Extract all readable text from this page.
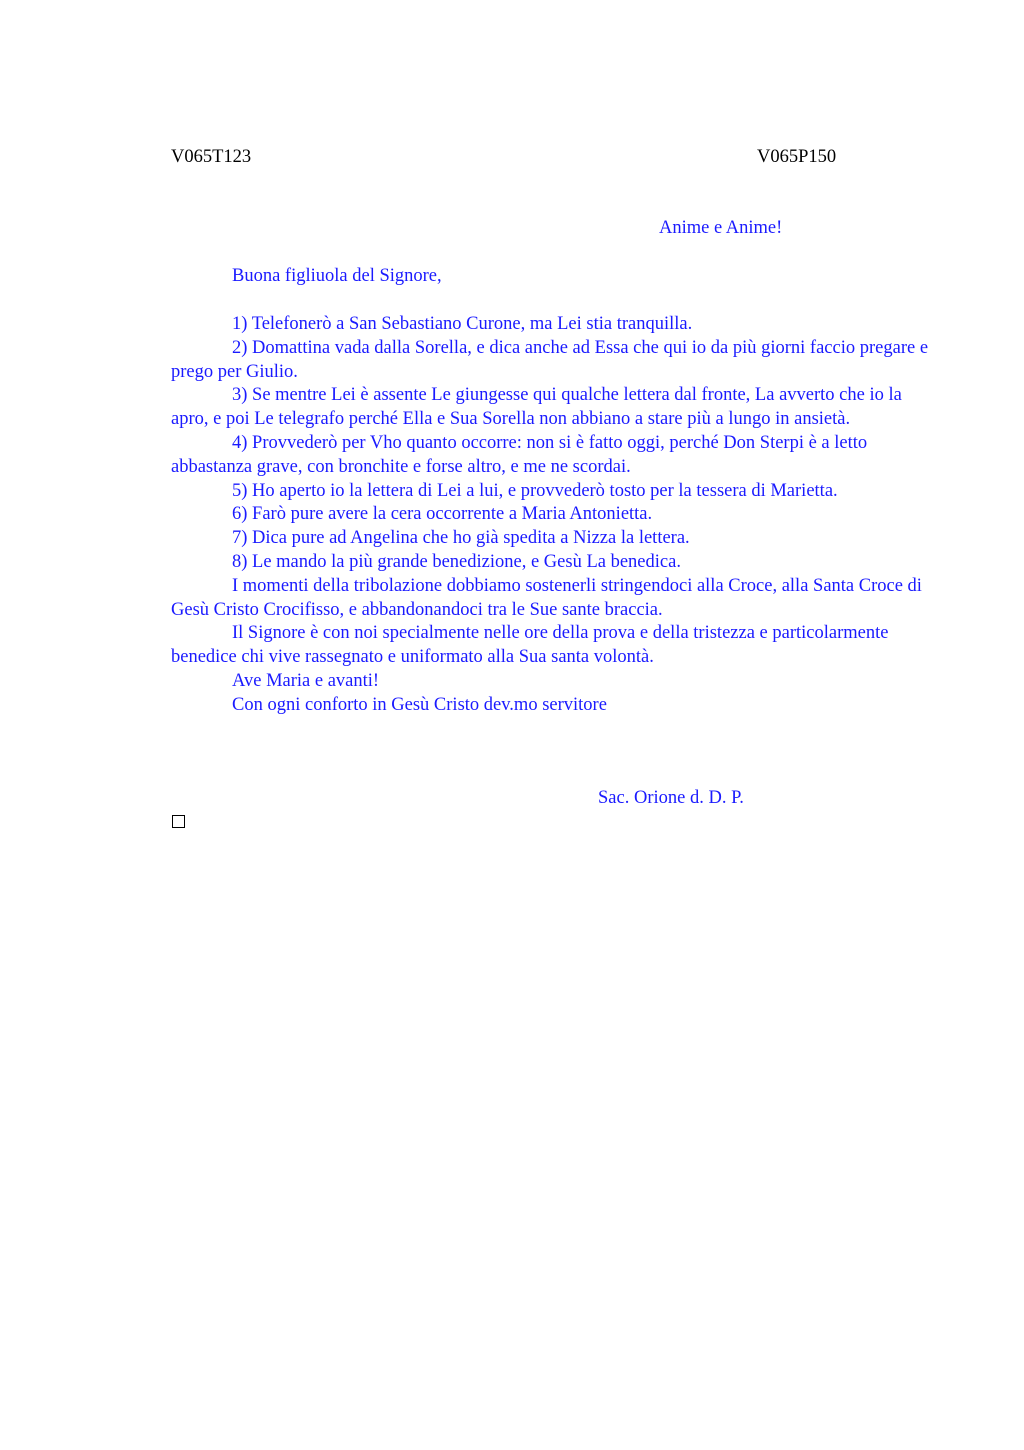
V065T123	V065P150
Anime e Anime!
Buona figliuola del Signore,

1) Telefonerò a San Sebastiano Curone, ma Lei stia tranquilla.

2) Domattina vada dalla Sorella, e dica anche ad Essa che qui io da più giorni faccio pregare e prego per Giulio.

3) Se mentre Lei è assente Le giungesse qui qualche lettera dal fronte, La avverto che io la apro, e poi Le telegrafo perché Ella e Sua Sorella non abbiano a stare più a lungo in ansietà.

4) Provvederò per Vho quanto occorre: non si è fatto oggi, perché Don Sterpi è a letto abbastanza grave, con bronchite e forse altro, e me ne scordai.

5) Ho aperto io la lettera di Lei a lui, e provvederò tosto per la tessera di Marietta.

6) Farò pure avere la cera occorrente a Maria Antonietta.

7) Dica pure ad Angelina che ho già spedita a Nizza la lettera.

8) Le mando la più grande benedizione, e Gesù La benedica.

I momenti della tribolazione dobbiamo sostenerli stringendoci alla Croce, alla Santa Croce di Gesù Cristo Crocifisso, e abbandonandoci tra le Sue sante braccia.

Il Signore è con noi specialmente nelle ore della prova e della tristezza e particolarmente benedice chi vive rassegnato e uniformato alla Sua santa volontà.

Ave Maria e avanti!

Con ogni conforto in Gesù Cristo dev.mo servitore

Sac. Orione d. D. P.
